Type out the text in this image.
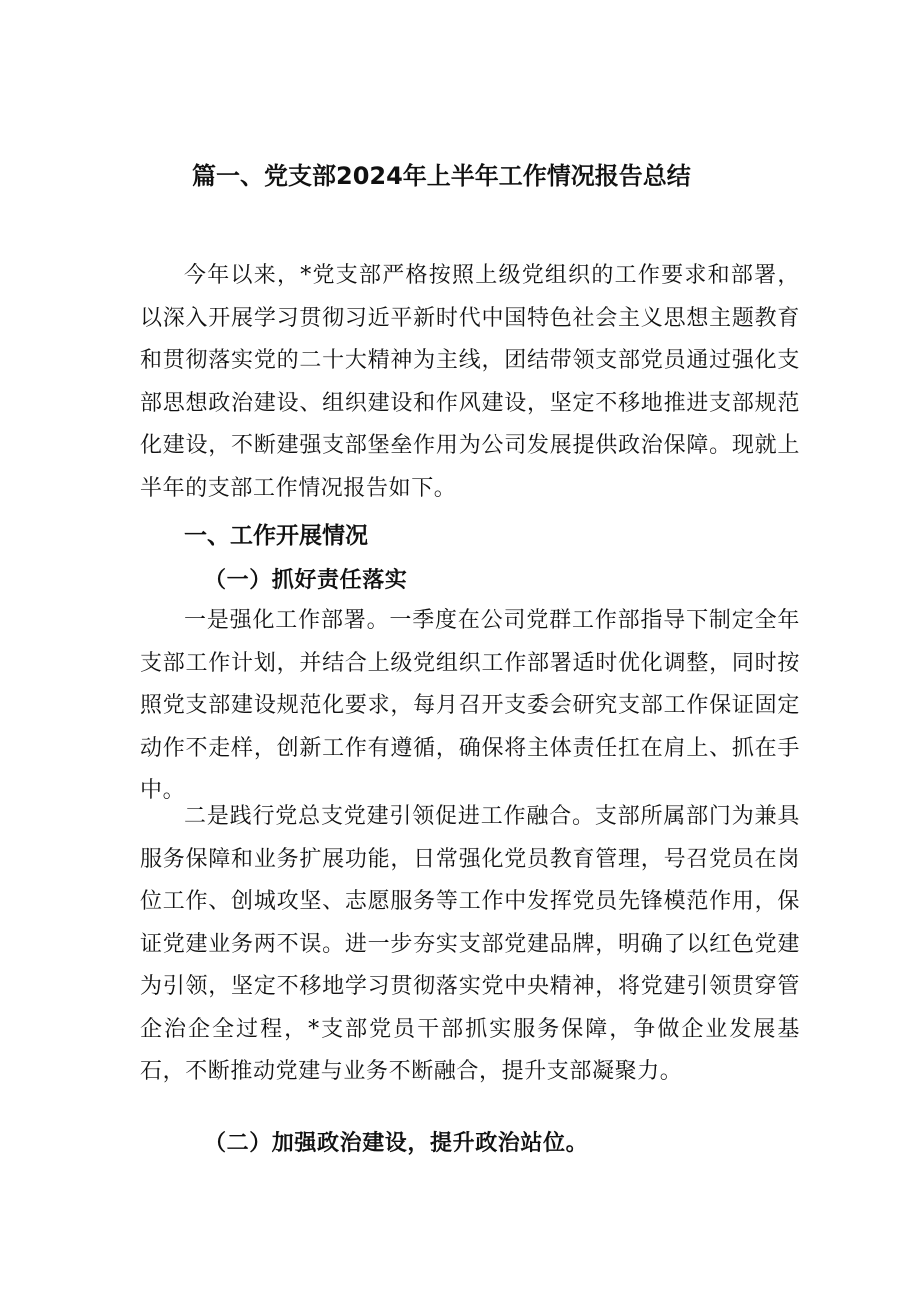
篇一、党支部2024年上半年工作情况报告总结

今年以来，*党支部严格按照上级党组织的工作要求和部署，以深入开展学习贯彻习近平新时代中国特色社会主义思想主题教育和贯彻落实党的二十大精神为主线，团结带领支部党员通过强化支部思想政治建设、组织建设和作风建设，坚定不移地推进支部规范化建设，不断建强支部堡垒作用为公司发展提供政治保障。现就上半年的支部工作情况报告如下。

一、工作开展情况
（一）抓好责任落实

一是强化工作部署。一季度在公司党群工作部指导下制定全年支部工作计划，并结合上级党组织工作部署适时优化调整，同时按照党支部建设规范化要求，每月召开支委会研究支部工作保证固定动作不走样，创新工作有遵循，确保将主体责任扛在肩上、抓在手中。

二是践行党总支党建引领促进工作融合。支部所属部门为兼具服务保障和业务扩展功能，日常强化党员教育管理，号召党员在岗位工作、创城攻坚、志愿服务等工作中发挥党员先锋模范作用，保证党建业务两不误。进一步夯实支部党建品牌，明确了以红色党建为引领，坚定不移地学习贯彻落实党中央精神，将党建引领贯穿管企治企全过程，*支部党员干部抓实服务保障，争做企业发展基石，不断推动党建与业务不断融合，提升支部凝聚力。

（二）加强政治建设，提升政治站位。
